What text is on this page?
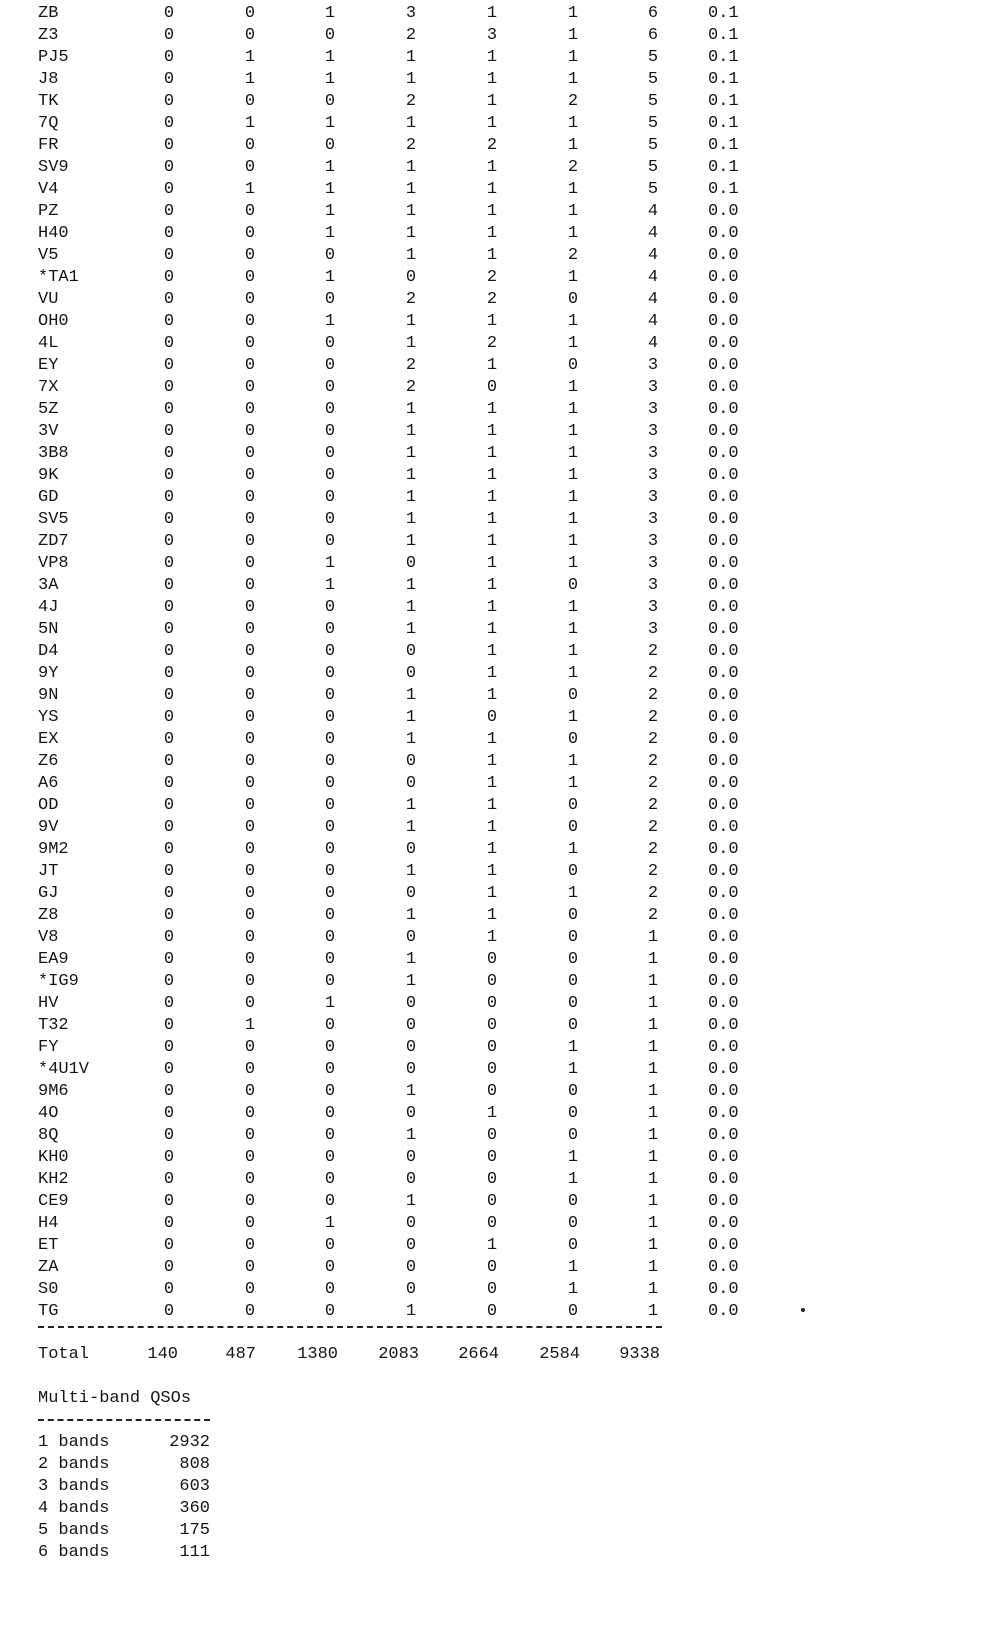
ZB	0	0	1	3	1	1	6	0.1
Z3	0	0	0	2	3	1	6	0.1
PJ5	0	1	1	1	1	1	5	0.1
J8	0	1	1	1	1	1	5	0.1
TK	0	0	0	2	1	2	5	0.1
7Q	0	1	1	1	1	1	5	0.1
FR	0	0	0	2	2	1	5	0.1
SV9	0	0	1	1	1	2	5	0.1
V4	0	1	1	1	1	1	5	0.1
PZ	0	0	1	1	1	1	4	0.0
H40	0	0	1	1	1	1	4	0.0
V5	0	0	0	1	1	2	4	0.0
*TA1	0	0	1	0	2	1	4	0.0
VU	0	0	0	2	2	0	4	0.0
OH0	0	0	1	1	1	1	4	0.0
4L	0	0	0	1	2	1	4	0.0
EY	0	0	0	2	1	0	3	0.0
7X	0	0	0	2	0	1	3	0.0
5Z	0	0	0	1	1	1	3	0.0
3V	0	0	0	1	1	1	3	0.0
3B8	0	0	0	1	1	1	3	0.0
9K	0	0	0	1	1	1	3	0.0
GD	0	0	0	1	1	1	3	0.0
SV5	0	0	0	1	1	1	3	0.0
ZD7	0	0	0	1	1	1	3	0.0
VP8	0	0	1	0	1	1	3	0.0
3A	0	0	1	1	1	0	3	0.0
4J	0	0	0	1	1	1	3	0.0
5N	0	0	0	1	1	1	3	0.0
D4	0	0	0	0	1	1	2	0.0
9Y	0	0	0	0	1	1	2	0.0
9N	0	0	0	1	1	0	2	0.0
YS	0	0	0	1	0	1	2	0.0
EX	0	0	0	1	1	0	2	0.0
Z6	0	0	0	0	1	1	2	0.0
A6	0	0	0	0	1	1	2	0.0
OD	0	0	0	1	1	0	2	0.0
9V	0	0	0	1	1	0	2	0.0
9M2	0	0	0	0	1	1	2	0.0
JT	0	0	0	1	1	0	2	0.0
GJ	0	0	0	0	1	1	2	0.0
Z8	0	0	0	1	1	0	2	0.0
V8	0	0	0	0	1	0	1	0.0
EA9	0	0	0	1	0	0	1	0.0
*IG9	0	0	0	1	0	0	1	0.0
HV	0	0	1	0	0	0	1	0.0
T32	0	1	0	0	0	0	1	0.0
FY	0	0	0	0	0	1	1	0.0
*4U1V	0	0	0	0	0	1	1	0.0
9M6	0	0	0	1	0	0	1	0.0
4O	0	0	0	0	1	0	1	0.0
8Q	0	0	0	1	0	0	1	0.0
KH0	0	0	0	0	0	1	1	0.0
KH2	0	0	0	0	0	1	1	0.0
CE9	0	0	0	1	0	0	1	0.0
H4	0	0	1	0	0	0	1	0.0
ET	0	0	0	0	1	0	1	0.0
ZA	0	0	0	0	0	1	1	0.0
S0	0	0	0	0	0	1	1	0.0
TG	0	0	0	1	0	0	1	0.0
Total	140	487	1380	2083	2664	2584	9338
Multi-band QSOs
1 bands	2932
2 bands	808
3 bands	603
4 bands	360
5 bands	175
6 bands	111
